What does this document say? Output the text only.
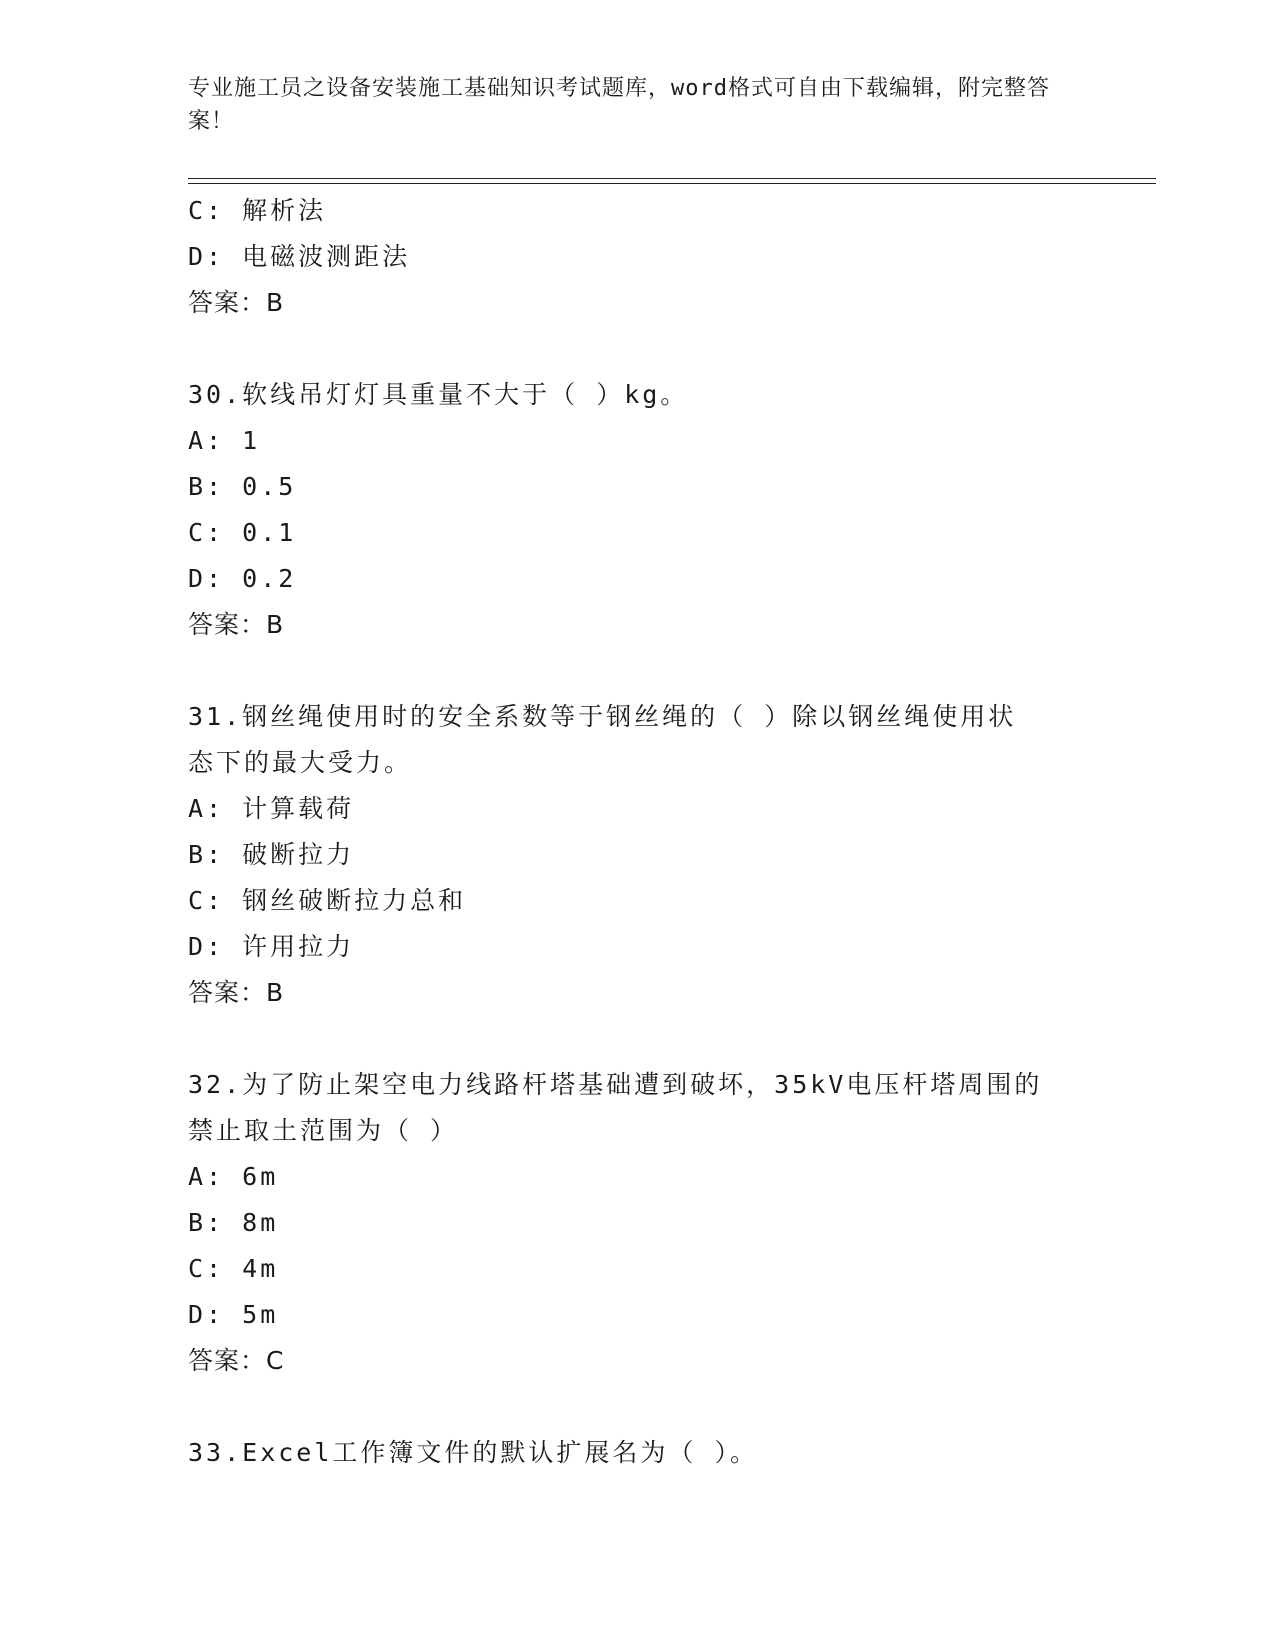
专业施工员之设备安装施工基础知识考试题库，word格式可自由下载编辑，附完整答案！
C: 解析法
D: 电磁波测距法
答案：B
30.软线吊灯灯具重量不大于（ ）kg。
A: 1
B: 0.5
C: 0.1
D: 0.2
答案：B
31.钢丝绳使用时的安全系数等于钢丝绳的（ ）除以钢丝绳使用状态下的最大受力。
A: 计算载荷
B: 破断拉力
C: 钢丝破断拉力总和
D: 许用拉力
答案：B
32.为了防止架空电力线路杆塔基础遭到破坏，35kV电压杆塔周围的禁止取土范围为（ ）
A: 6m
B: 8m
C: 4m
D: 5m
答案：C
33.Excel工作簿文件的默认扩展名为（ ）。
